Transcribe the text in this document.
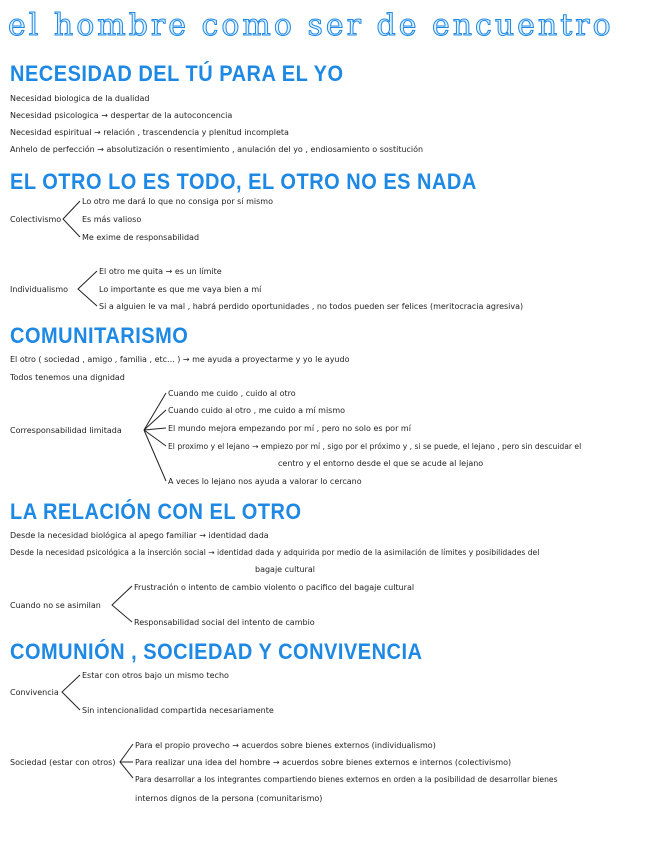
el hombre como ser de encuentro
NECESIDAD DEL TÚ PARA EL YO
Necesidad biologica de la dualidad
Necesidad psicologica → despertar de la autoconcencia
Necesidad espiritual → relación , trascendencia y plenitud incompleta
Anhelo de perfección → absolutización o resentimiento , anulación del yo , endiosamiento o sostitución
EL OTRO LO ES TODO, EL OTRO NO ES NADA
Colectivismo
Lo otro me dará lo que no consiga por sí mismo
Es más valioso
Me exime de responsabilidad
Individualismo
El otro me quita → es un límite
Lo importante es que me vaya bien a mí
Si a alguien le va mal , habrá perdido oportunidades , no todos pueden ser felices (meritocracia agresiva)
COMUNITARISMO
El otro ( sociedad , amigo , familia , etc... ) → me ayuda a proyectarme y yo le ayudo
Todos tenemos una dignidad
Corresponsabilidad limitada
Cuando me cuido , cuido al otro
Cuando cuido al otro , me cuido a mí mismo
El mundo mejora empezando por mí , pero no solo es por mí
El proximo y el lejano → empiezo por mí , sigo por el próximo y , si se puede, el lejano , pero sin descuidar el
centro y el entorno desde el que se acude al lejano
A veces lo lejano nos ayuda a valorar lo cercano
LA RELACIÓN CON EL OTRO
Desde la necesidad biológica al apego familiar → identidad dada
Desde la necesidad psicológica a la inserción social → identidad dada y adquirida por medio de la asimilación de límites y posibilidades del
bagaje cultural
Cuando no se asimilan
Frustración o intento de cambio violento o pacifico del bagaje cultural
Responsabilidad social del intento de cambio
COMUNIÓN , SOCIEDAD Y CONVIVENCIA
Convivencia
Estar con otros bajo un mismo techo
Sin intencionalidad compartida necesariamente
Sociedad (estar con otros)
Para el propio provecho → acuerdos sobre bienes externos (individualismo)
Para realizar una idea del hombre → acuerdos sobre bienes externos e internos (colectivismo)
Para desarrollar a los integrantes compartiendo bienes externos en orden a la posibilidad de desarrollar bienes
internos dignos de la persona (comunitarismo)
